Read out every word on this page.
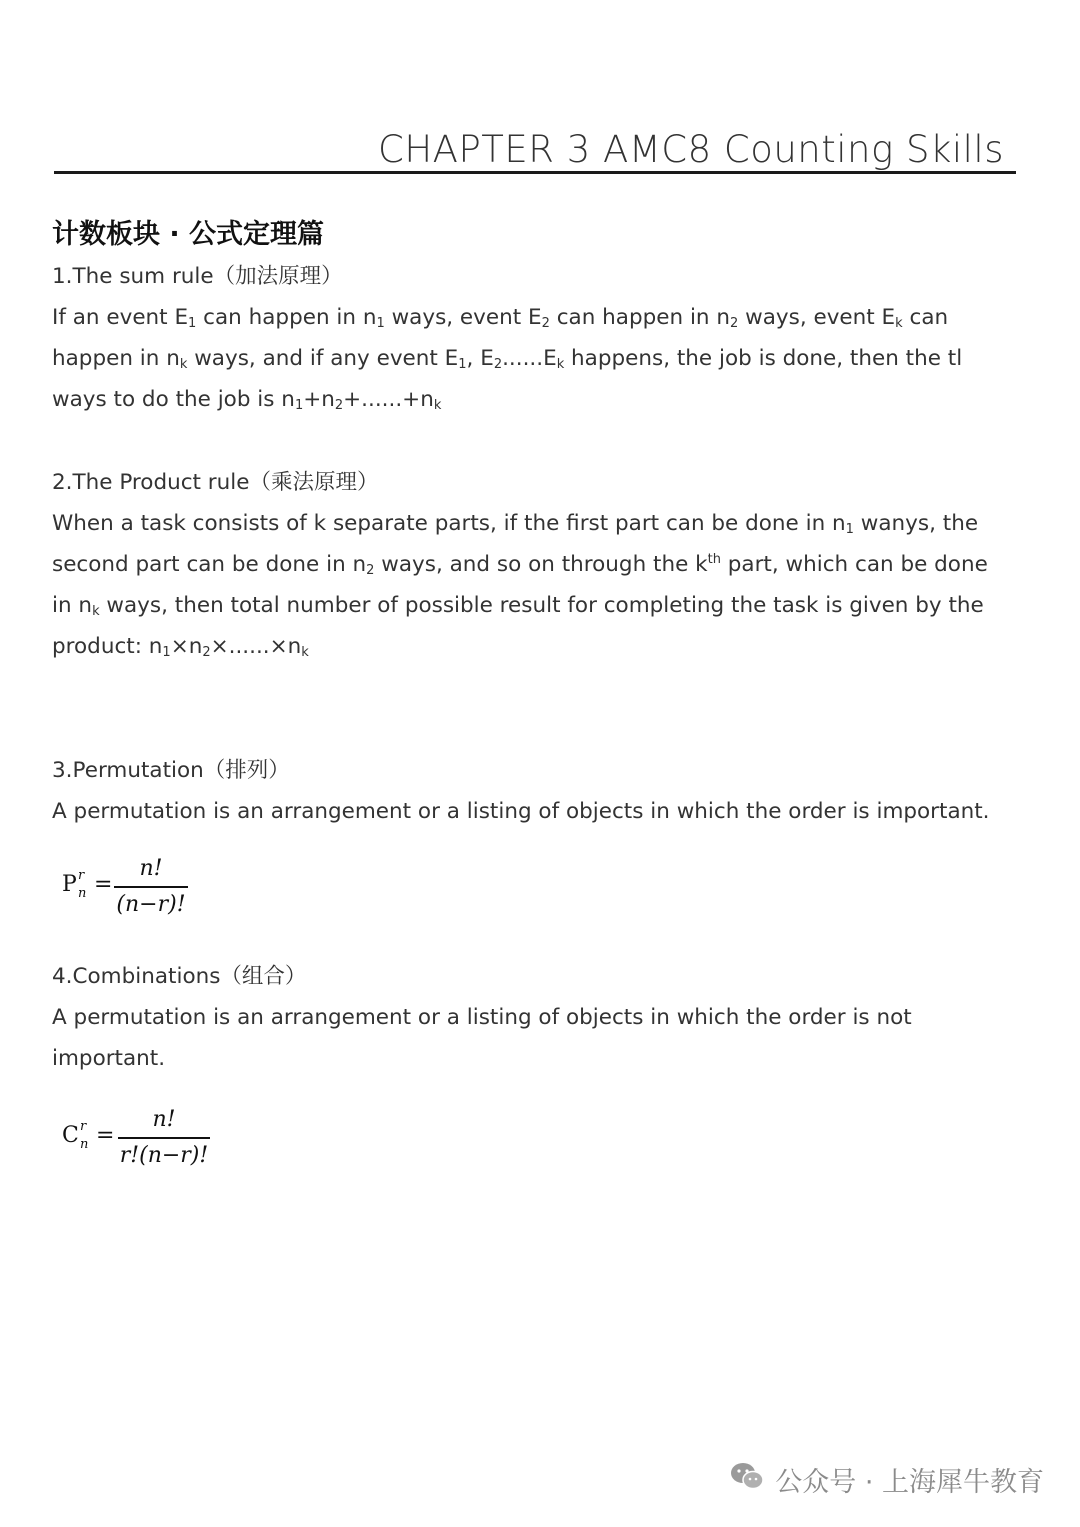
CHAPTER 3 AMC8 Counting Skills
计数板块 · 公式定理篇
1.The sum rule（加法原理）
If an event $E_1$ can happen in $n_1$ ways, event $E_2$ can happen in $n_2$ ways, event $E_k$ can
happen in $n_k$ ways, and if any event $E_1$, $E_2......E_k$ happens, the job is done, then the tl
ways to do the job is $n_1+n_2+......+n_k$
2.The Product rule（乘法原理）
When a task consists of k separate parts, if the first part can be done in $n_1$ wanys, the
second part can be done in $n_2$ ways, and so on through the $k^{th}$ part, which can be done
in $n_k$ ways, then total number of possible result for completing the task is given by the
product: $n_1\times n_2\times......\times n_k$
3.Permutation（排列）
A permutation is an arrangement or a listing of objects in which the order is important.
P r
n =
n!
(n−r)!
4.Combinations（组合）
A permutation is an arrangement or a listing of objects in which the order is not
important.
C r
n =
n!
r!(n−r)!
公众号 · 上海犀牛教育
